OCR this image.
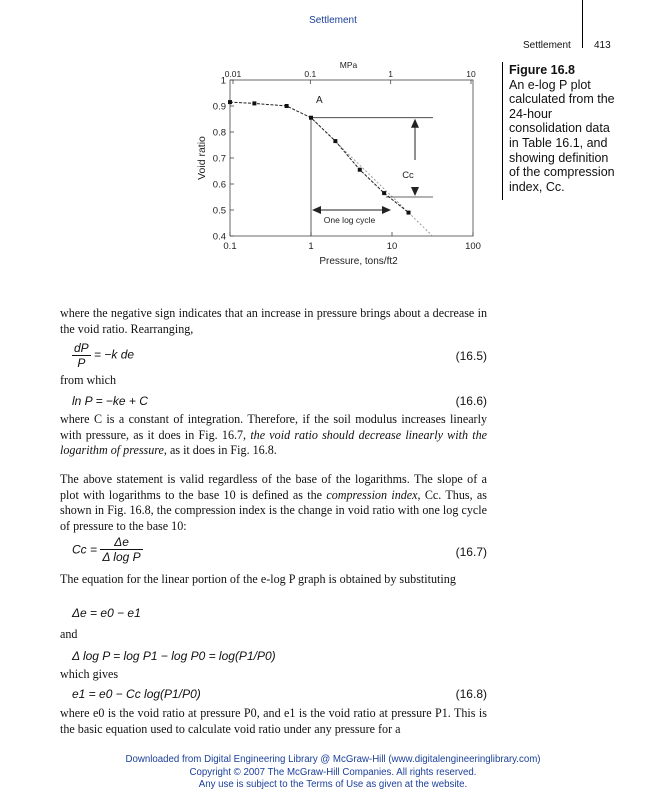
Settlement
Settlement 413
1
0.9
0.8
0.7
0.6
0.5
0.4
0.1	1	10	100
0.01	0.1	1	10
MPa
Pressure, tons/ft2
Void ratio	Cc
One log cycle
A
Figure 16.8
An e-log P plot
calculated from the
24-hour
consolidation data
in Table 16.1, and
showing definition
of the compression
index, Cc.
where the negative sign indicates that an increase in pressure brings about a decrease in the void ratio. Rearranging,
$\frac{dP}{P} = -k$ de	(16.5)
from which
ln P = −ke + C	(16.6)
where C is a constant of integration. Therefore, if the soil modulus increases linearly with pressure, as it does in Fig. 16.7, the void ratio should decrease linearly with the logarithm of pressure, as it does in Fig. 16.8.
The above statement is valid regardless of the base of the logarithms. The slope of a plot with logarithms to the base 10 is defined as the compression index, Cc. Thus, as shown in Fig. 16.8, the compression index is the change in void ratio with one log cycle of pressure to the base 10:
$Cc = \frac{\Delta e}{\text{Δ log P}}$	(16.7)
The equation for the linear portion of the e-log P graph is obtained by substituting
Δe = e0 − e1
and
Δ log P = log P1 − log P0 = log(P1/P0)
which gives
e1 = e0 − Cc log(P1/P0)	(16.8)
where e0 is the void ratio at pressure P0, and e1 is the void ratio at pressure P1. This is the basic equation used to calculate void ratio under any pressure for a
Downloaded from Digital Engineering Library @ McGraw-Hill (www.digitalengineeringlibrary.com)
Copyright © 2007 The McGraw-Hill Companies. All rights reserved.
Any use is subject to the Terms of Use as given at the website.
